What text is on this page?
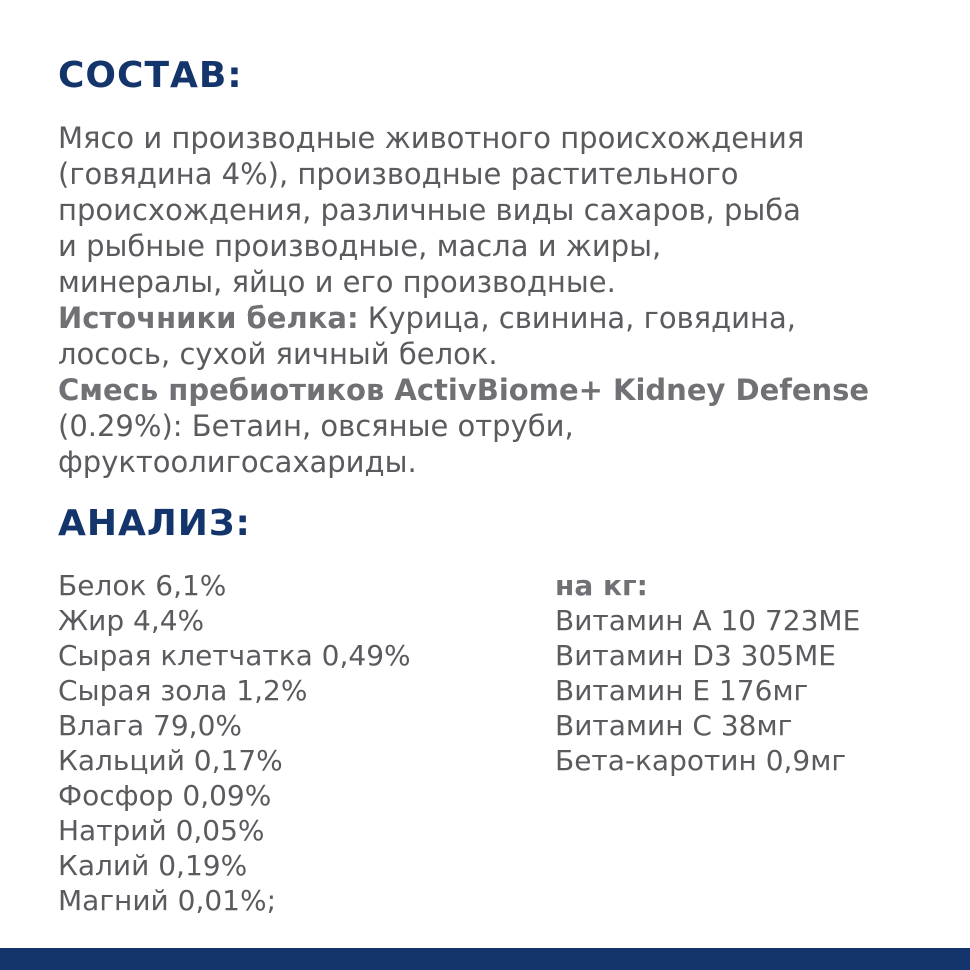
СОСТАВ:

Мясо и производные животного происхождения

(говядина 4%), производные растительного

происхождения, различные виды сахаров, рыба

и рыбные производные, масла и жиры,

минералы, яйцо и его производные.

Источники белка: Курица, свинина, говядина,

лосось, сухой яичный белок.

Смесь пребиотиков ActivBiome+ Kidney Defense

(0.29%): Бетаин, овсяные отруби,

фруктоолигосахариды.

АНАЛИЗ:
Белок 6,1%
Жир 4,4%
Сырая клетчатка 0,49%
Сырая зола 1,2%
Влага 79,0%
Кальций 0,17%
Фосфор 0,09%
Натрий 0,05%
Калий 0,19%
Магний 0,01%;
на кг:
Витамин А 10 723МЕ
Витамин D3 305МЕ
Витамин Е 176мг
Витамин С 38мг
Бета-каротин 0,9мг
